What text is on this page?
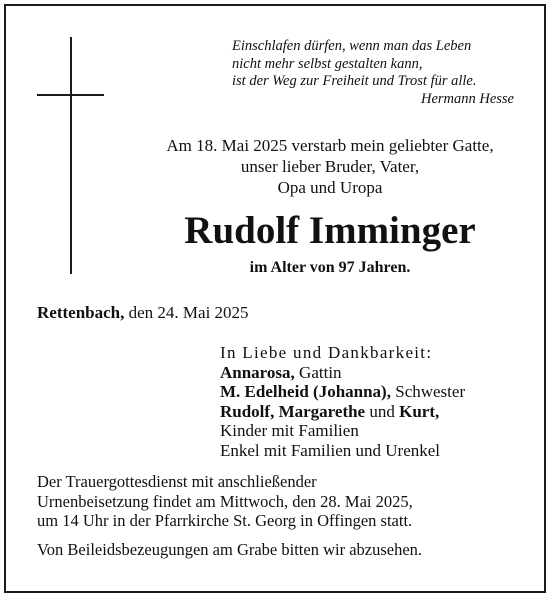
Einschlafen dürfen, wenn man das Leben
nicht mehr selbst gestalten kann,
ist der Weg zur Freiheit und Trost für alle.
Hermann Hesse
Am 18. Mai 2025 verstarb mein geliebter Gatte,
unser lieber Bruder, Vater,
Opa und Uropa
Rudolf Imminger
im Alter von 97 Jahren.
Rettenbach, den 24. Mai 2025
In Liebe und Dankbarkeit:
Annarosa, Gattin
M. Edelheid (Johanna), Schwester
Rudolf, Margarethe und Kurt,
Kinder mit Familien
Enkel mit Familien und Urenkel
Der Trauergottesdienst mit anschließender
Urnenbeisetzung findet am Mittwoch, den 28. Mai 2025,
um 14 Uhr in der Pfarrkirche St. Georg in Offingen statt.
Von Beileidsbezeugungen am Grabe bitten wir abzusehen.
